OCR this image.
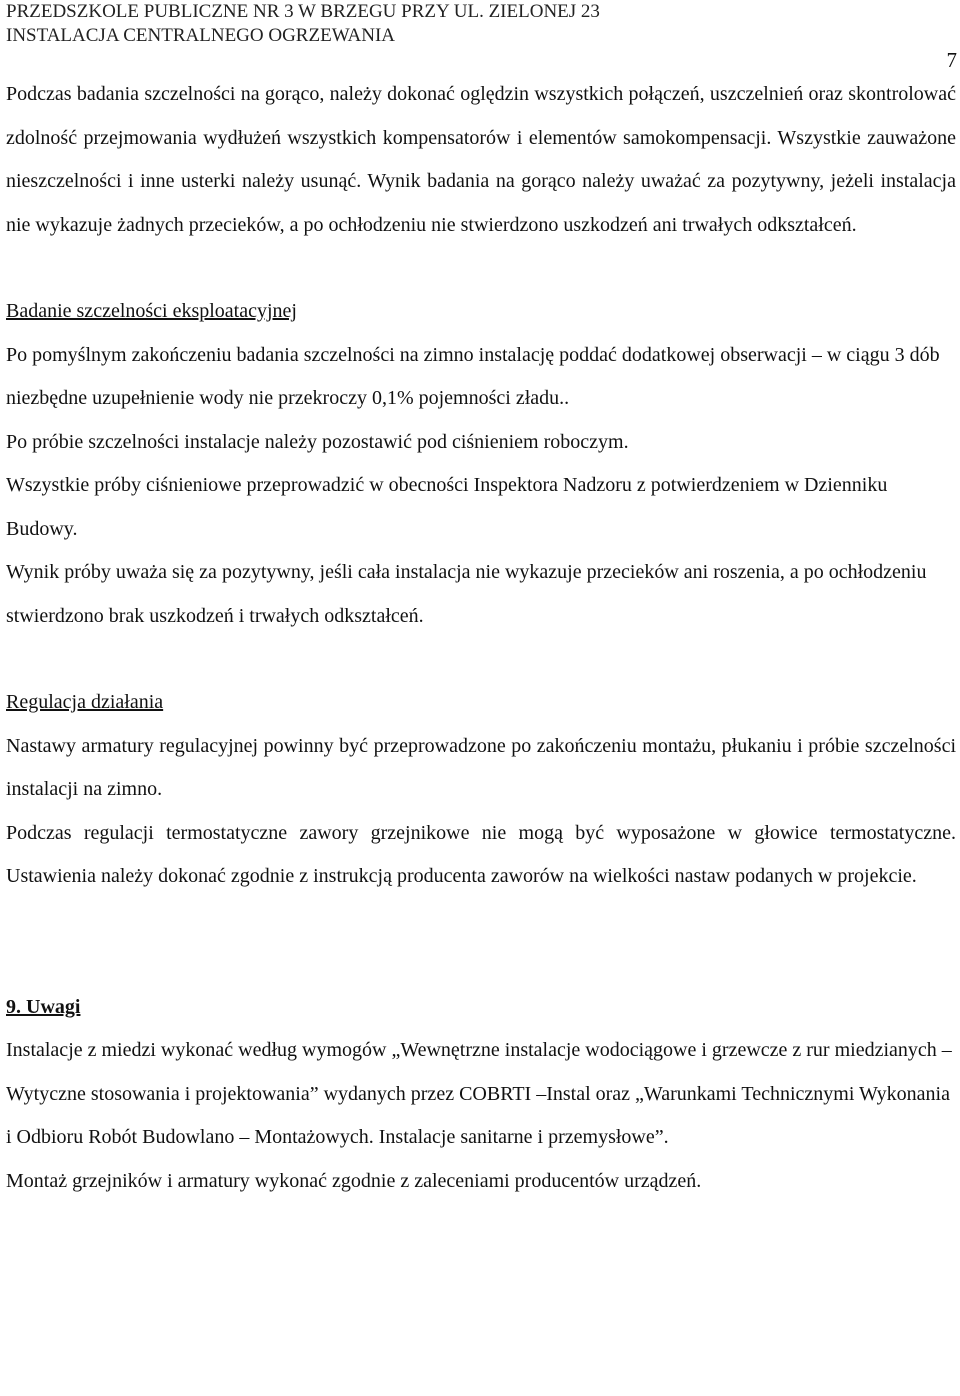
PRZEDSZKOLE PUBLICZNE NR 3 W BRZEGU PRZY UL. ZIELONEJ 23
INSTALACJA CENTRALNEGO OGRZEWANIA
7

Podczas badania szczelności na gorąco, należy dokonać oględzin wszystkich połączeń, uszczelnień oraz skontrolować zdolność przejmowania wydłużeń wszystkich kompensatorów i elementów samokompensacji. Wszystkie zauważone nieszczelności i inne usterki należy usunąć. Wynik badania na gorąco należy uważać za pozytywny, jeżeli instalacja nie wykazuje żadnych przecieków, a po ochłodzeniu nie stwierdzono uszkodzeń ani trwałych odkształceń.

Badanie szczelności eksploatacyjnej

Po pomyślnym zakończeniu badania szczelności na zimno instalację poddać dodatkowej obserwacji – w ciągu 3 dób niezbędne uzupełnienie wody nie przekroczy 0,1% pojemności zładu..

Po próbie szczelności instalacje należy pozostawić pod ciśnieniem roboczym.

Wszystkie próby ciśnieniowe przeprowadzić w obecności Inspektora Nadzoru z potwierdzeniem w Dzienniku Budowy.

Wynik próby uważa się za pozytywny, jeśli cała instalacja nie wykazuje przecieków ani roszenia, a po ochłodzeniu stwierdzono brak uszkodzeń i trwałych odkształceń.

Regulacja działania

Nastawy armatury regulacyjnej powinny być przeprowadzone po zakończeniu montażu, płukaniu i próbie szczelności instalacji na zimno.

Podczas regulacji termostatyczne zawory grzejnikowe nie mogą być wyposażone w głowice termostatyczne. Ustawienia należy dokonać zgodnie z instrukcją producenta zaworów na wielkości nastaw podanych w projekcie.

9. Uwagi

Instalacje z miedzi wykonać według wymogów „Wewnętrzne instalacje wodociągowe i grzewcze z rur miedzianych – Wytyczne stosowania i projektowania” wydanych przez COBRTI –Instal oraz „Warunkami Technicznymi Wykonania i Odbioru Robót Budowlano – Montażowych. Instalacje sanitarne i przemysłowe”.

Montaż grzejników i armatury wykonać zgodnie z zaleceniami producentów urządzeń.
